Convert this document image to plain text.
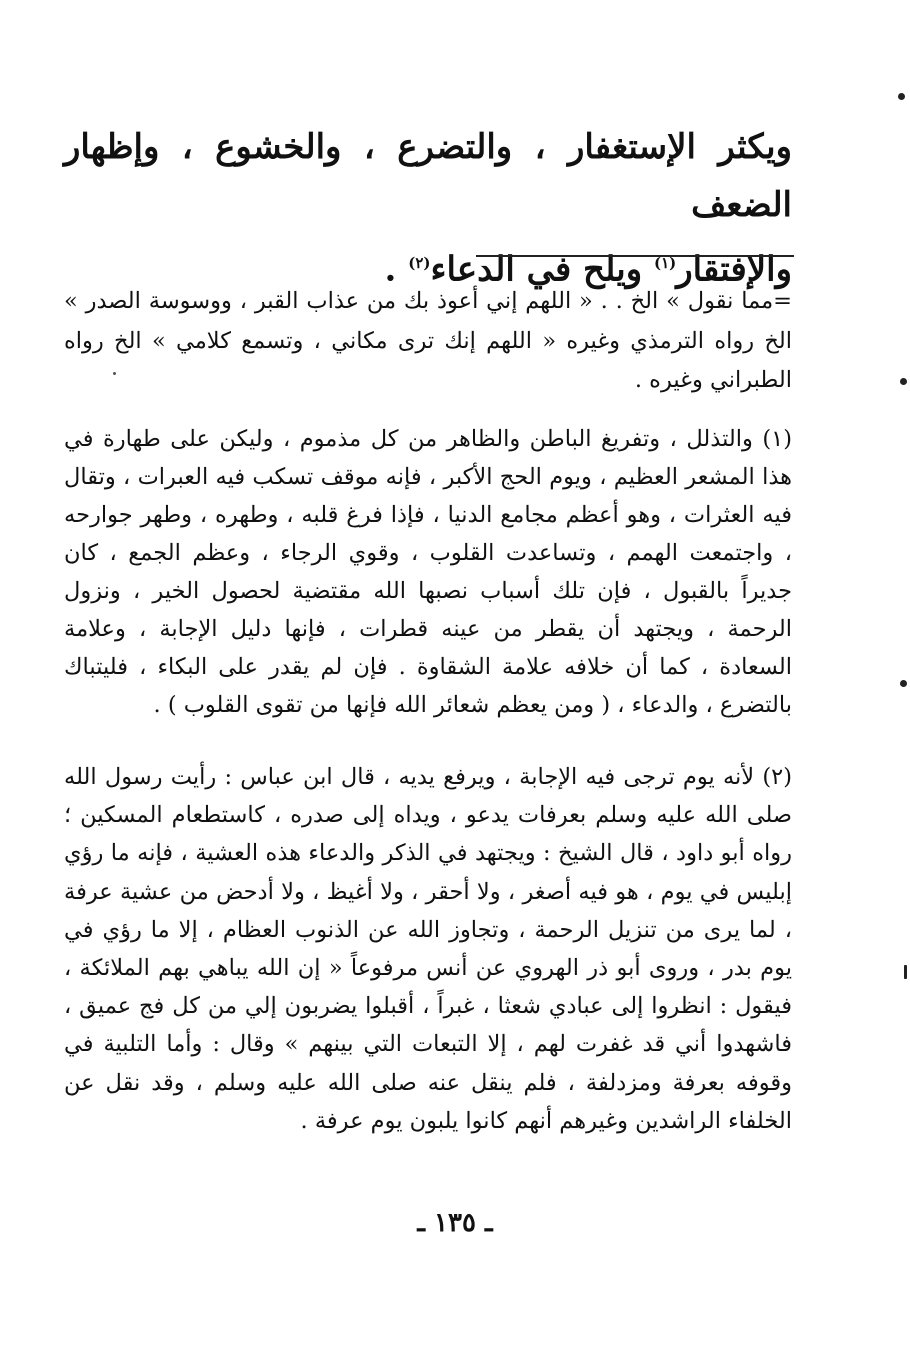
ويكثر الإستغفار ، والتضرع ، والخشوع ، وإظهار الضعف

والإفتقار$^{(١)}$ ويلح في الدعاء$^{(٢)}$ .

=مما نقول » الخ . . « اللهم إني أعوذ بك من عذاب القبر ، ووسوسة الصدر » الخ رواه الترمذي وغيره « اللهم إنك ترى مكاني ، وتسمع كلامي » الخ رواه الطبراني وغيره .

(١) والتذلل ، وتفريغ الباطن والظاهر من كل مذموم ، وليكن على طهارة في هذا المشعر العظيم ، ويوم الحج الأكبر ، فإنه موقف تسكب فيه العبرات ، وتقال فيه العثرات ، وهو أعظم مجامع الدنيا ، فإذا فرغ قلبه ، وطهره ، وطهر جوارحه ، واجتمعت الهمم ، وتساعدت القلوب ، وقوي الرجاء ، وعظم الجمع ، كان جديراً بالقبول ، فإن تلك أسباب نصبها الله مقتضية لحصول الخير ، ونزول الرحمة ، ويجتهد أن يقطر من عينه قطرات ، فإنها دليل الإجابة ، وعلامة السعادة ، كما أن خلافه علامة الشقاوة . فإن لم يقدر على البكاء ، فليتباك بالتضرع ، والدعاء ، ( ومن يعظم شعائر الله فإنها من تقوى القلوب ) .

(٢) لأنه يوم ترجى فيه الإجابة ، ويرفع يديه ، قال ابن عباس : رأيت رسول الله صلى الله عليه وسلم بعرفات يدعو ، ويداه إلى صدره ، كاستطعام المسكين ؛ رواه أبو داود ، قال الشيخ : ويجتهد في الذكر والدعاء هذه العشية ، فإنه ما رؤي إبليس في يوم ، هو فيه أصغر ، ولا أحقر ، ولا أغيظ ، ولا أدحض من عشية عرفة ، لما يرى من تنزيل الرحمة ، وتجاوز الله عن الذنوب العظام ، إلا ما رؤي في يوم بدر ، وروى أبو ذر الهروي عن أنس مرفوعاً « إن الله يباهي بهم الملائكة ، فيقول : انظروا إلى عبادي شعثا ، غبراً ، أقبلوا يضربون إلي من كل فج عميق ، فاشهدوا أني قد غفرت لهم ، إلا التبعات التي بينهم » وقال : وأما التلبية في وقوفه بعرفة ومزدلفة ، فلم ينقل عنه صلى الله عليه وسلم ، وقد نقل عن الخلفاء الراشدين وغيرهم أنهم كانوا يلبون يوم عرفة .

ـ ١٣٥ ـ
